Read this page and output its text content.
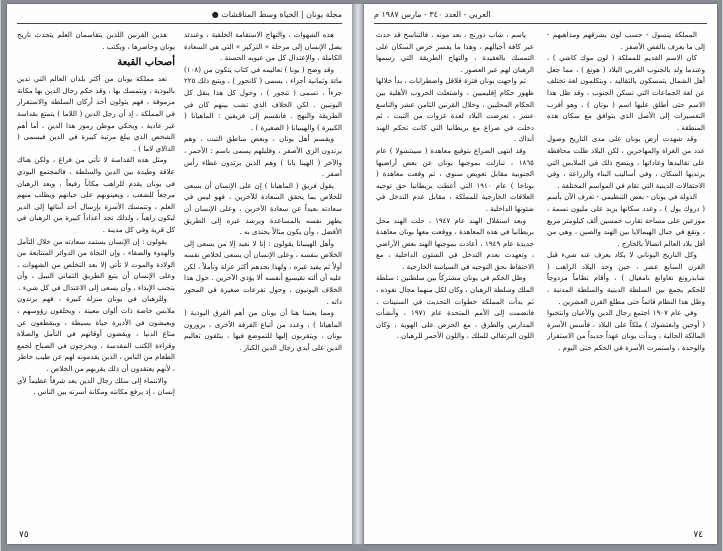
مجلة يونان | الحياة وسط المناقشات ●

هذه الشهوات ، والتهاج الاستقامة الخلقية ، وعندئذ يصل الإنسان إلى مرحلة « التركيز » التي هي السعادة الكاملة ، والإعتدال كل من عيوبه الحسنة .

وقد وضح ( يونا ) تعاليمه في كتاب يتكون من (١٠٨) مائة وثمانية أجزاء ، يسمى ( كانجور ) ، ويتبع ذلك ٢٢٥ جزءاً ، تسمى ( تنجور ) ، وحول كل هذا ينقل كل اليونيين . لكن الخلاف الذي تشب بينهم كان في الطريقة والنهج . فانقسم إلى فريقين : الماهيانا ( الكبيرة ) والهينيانا ( الصغيرة ) .

ويقسم أهل يونان ، وبعض مناطق التبت ، وهم يرتدون الزي الأصفر ، وقليلهم يسمى باسم : الأحمر ، والآخر ( الهينا يانا ) وهم الذين يرتدون غطاء رأس أصفر .

يقول فريق ( الماهيانا ) إن على الإنسان أن يسعى للخلاص بما يحقق السعادة للآخرين ، فهو ليس في سعادته بعيداً عن سعادة الآخرين ، وعلى الإنسان أن يطهر نفسه بالمساعدة ويرشد غيره إلى الطريق الأفضل ، وأن يكون مثالاً يحتذى به .

وأهل الهينيانا يقولون : إنا لا نفيد إلا من يسعى إلى الخلاص بنفسه ، وعلى الإنسان أن يسعى لخلاص نفسه أولاً ثم يفيد غيره ، ولهذا نجدهم أكثر عزلة وتأملاً ، لكن عليه أن ألته تقيسيع أنفسه ألا يؤذي الآخرين . حول هذا الخلاف اليونيون ، وحول تفرعات صغيرة في المحور ذاته .

ومما يعنينا هنا أن يونان من أهم الفرق البوذية ( الماهيانا ) ، وعدد من أتباع الفرقة الأخرى ، يزورون يونان ، ويتقربون إليها للتموضع فيها ، يتلقون تعاليم الدين على أيدي رجال الدين الكبار .

هذين القرنين اللذين يتقاسمان العلم يتحدث تاريخ يونان وحاضرها ، ويكتب .

أصحاب القبعة

تعد مملكة يونان من أكثر بلدان العالم التي تدين بالبوذية ، وتتمسك بها ، وقد حكم رجال الدين بها مكانة مرموقة ، فهم يتولون أحد أركان السلطة والاستقرار في المملكة ، إذ أن رجل الدين ( اللاما ) يتمتع بقداسة غير عادية ، ويحكي موطن رموز هذا الدين ، أما أهم الشخص الذي يبلغ مرتبة كبيرة في الدين فيسمى ( الدالاي لاما ) .

ومثل هذه القداسة لا تأتي من فراغ ، ولكن هناك علاقة وطيدة بين الدين والسلطة ، فالمجتمع البوذي في يونان يقدم للراهب مكاناً رفيعاً ، ويعد الرهبان مرجعاً للشعب ، ويعينونهم على حياتهم ويطلب منهم العلم ، وتتمسك الأسرة بإرسال أحد أبنائها إلى الدير ليكون راهباً ، ولذلك تجد أعداداً كبيرة من الرهبان في كل قرية وفي كل مدينة .

يقولون : إن الإنسان يستمد سعادته من خلال التأمل والهدوء والصفاء ، وإن النجاة من الدوائر المتتابعة من الولادة والموت لا تأتي إلا بعد التخلص من الشهوات ، وعلى الإنسان أن يتبع الطريق الثماني النبيل ، وأن يتجنب الإيذاء ، وأن يسعى إلى الاعتدال في كل شيء .

وللرهبان في يونان منزلة كبيرة ، فهم يرتدون ملابس خاصة ذات ألوان معينة ، ويحلقون رؤوسهم ، ويعيشون في الأديرة حياة بسيطة ، وينقطعون عن متاع الدنيا ، ويقضون أوقاتهم في التأمل والصلاة وقراءة الكتب المقدسة ، ويخرجون في الصباح لجمع الطعام من الناس ، الذين يقدمونه لهم عن طيب خاطر ، لأنهم يعتقدون أن ذلك يقربهم من الخلاص .

والانتماء إلى سلك رجال الدين يعد شرفاً عظيماً لأي إنسان ، إذ يرفع مكانته ومكانة أسرته بين الناس .

٧٥
العربي - العدد ٣٤٠ - مارس ١٩٨٧ م

المملكة يتسول - حسب لون يشرقهم ومذاهبهم - إلى ما يعرف بالفص الأصفر .

كان الاسم القديم للمملكة ( لون موك كاشي ) ، وعندما ولد بالجنوب الغربي البلاد ( هونغ ) ، مما جعل أهل الشمال يتمسكون بالتقاليد ، ويتكلمون لغة تختلف عن لغة الجماعات التي تسكن الجنوب ، وقد ظل هذا الاسم حتى أطلق عليها اسم ( بوتان ) ، وهو أقرب التفسيرات إلى الأصل الذي يتوافق مع سكان هذه المنطقة .

وقد شهدت أرض يونان على مدى التاريخ وصول عدد من الغزاة والمهاجرين ، لكن البلاد ظلت محافظة على تقاليدها وعاداتها ، ويتضح ذلك في الملابس التي يرتديها السكان ، وفي أساليب البناء والزراعة ، وفي الاحتفالات الدينية التي تقام في المواسم المختلفة .

الدولة في يونان - بعض التنظيمي - تعرف الآن بأسم ( دروك يول ) ، وعدد سكانها يزيد على مليون نسمة ، موزعين على مساحة تقارب خمسين ألف كيلومتر مربع ، وتقع في جبال الهيمالايا بين الهند والصين ، وهي من أقل بلاد العالم اتصالاً بالخارج .

وكل التاريخ اليوناني لا يكاد يعرف عنه شيء قبل القرن السابع عشر ، حين وحد البلاد الراهب ( شابدرونغ نغاوانغ نامغيال ) ، وأقام نظاماً مزدوجاً للحكم يجمع بين السلطة الدينية والسلطة المدنية ، وظل هذا النظام قائماً حتى مطلع القرن العشرين .

وفي عام ١٩٠٧ اجتمع رجال الدين والأعيان وانتخبوا ( أوجين وانغتشوك ) ملكاً على البلاد ، فأسس الأسرة المالكة الحالية ، وبدأت يونان عهداً جديداً من الاستقرار والوحدة ، واستمرت الأسرة في الحكم حتى اليوم .

ياسم ، شاب دورنج ، بعد موته ، فالتناسخ قد حدث عبر كافة أجيالهم ، وهذا ما يفسر حرص السكان على التمسك بالعقيدة ، والتهاج الطريقة التي رسمها الرهبان لهم عبر العصور .

ثم واجهت يونان فترة قلاقل واضطرابات ، بدأ خلالها ظهور حكام إقليميين ، واشتعلت الحروب الأهلية بين الحكام المحليين ، وخلال القرنين الثامن عشر والتاسع عشر ، تعرضت البلاد لعدة غزوات من التبت ، ثم دخلت في صراع مع بريطانيا التي كانت تحكم الهند آنذاك .

وقد انتهى الصراع بتوقيع معاهدة ( سينتشولا ) عام ١٨٦٥ ، تنازلت بموجبها يونان عن بعض أراضيها الجنوبية مقابل تعويض سنوي ، ثم وقعت معاهدة ( بوناخا ) عام ١٩١٠ التي أعطت بريطانيا حق توجيه العلاقات الخارجية للمملكة ، مقابل عدم التدخل في شئونها الداخلية .

وبعد استقلال الهند عام ١٩٤٧ ، حلت الهند محل بريطانيا في هذه المعاهدة ، ووقعت معها يونان معاهدة جديدة عام ١٩٤٩ ، أعادت بموجبها الهند بعض الأراضي ، وتعهدت بعدم التدخل في الشئون الداخلية ، مع الاحتفاظ بحق التوجيه في السياسة الخارجية .

وظل الحكم في يونان مشتركاً بين سلطتين : سلطة الملك وسلطة الرهبان ، وكان لكل منهما مجال نفوذه ، ثم بدأت المملكة خطوات التحديث في الستينات ، فانضمت إلى الأمم المتحدة عام ١٩٧١ ، وأنشأت المدارس والطرق ، مع الحرص على الهوية ، وكان اللون البرتقالي للملك ، واللون الأحمر للرهبان .

٧٤
